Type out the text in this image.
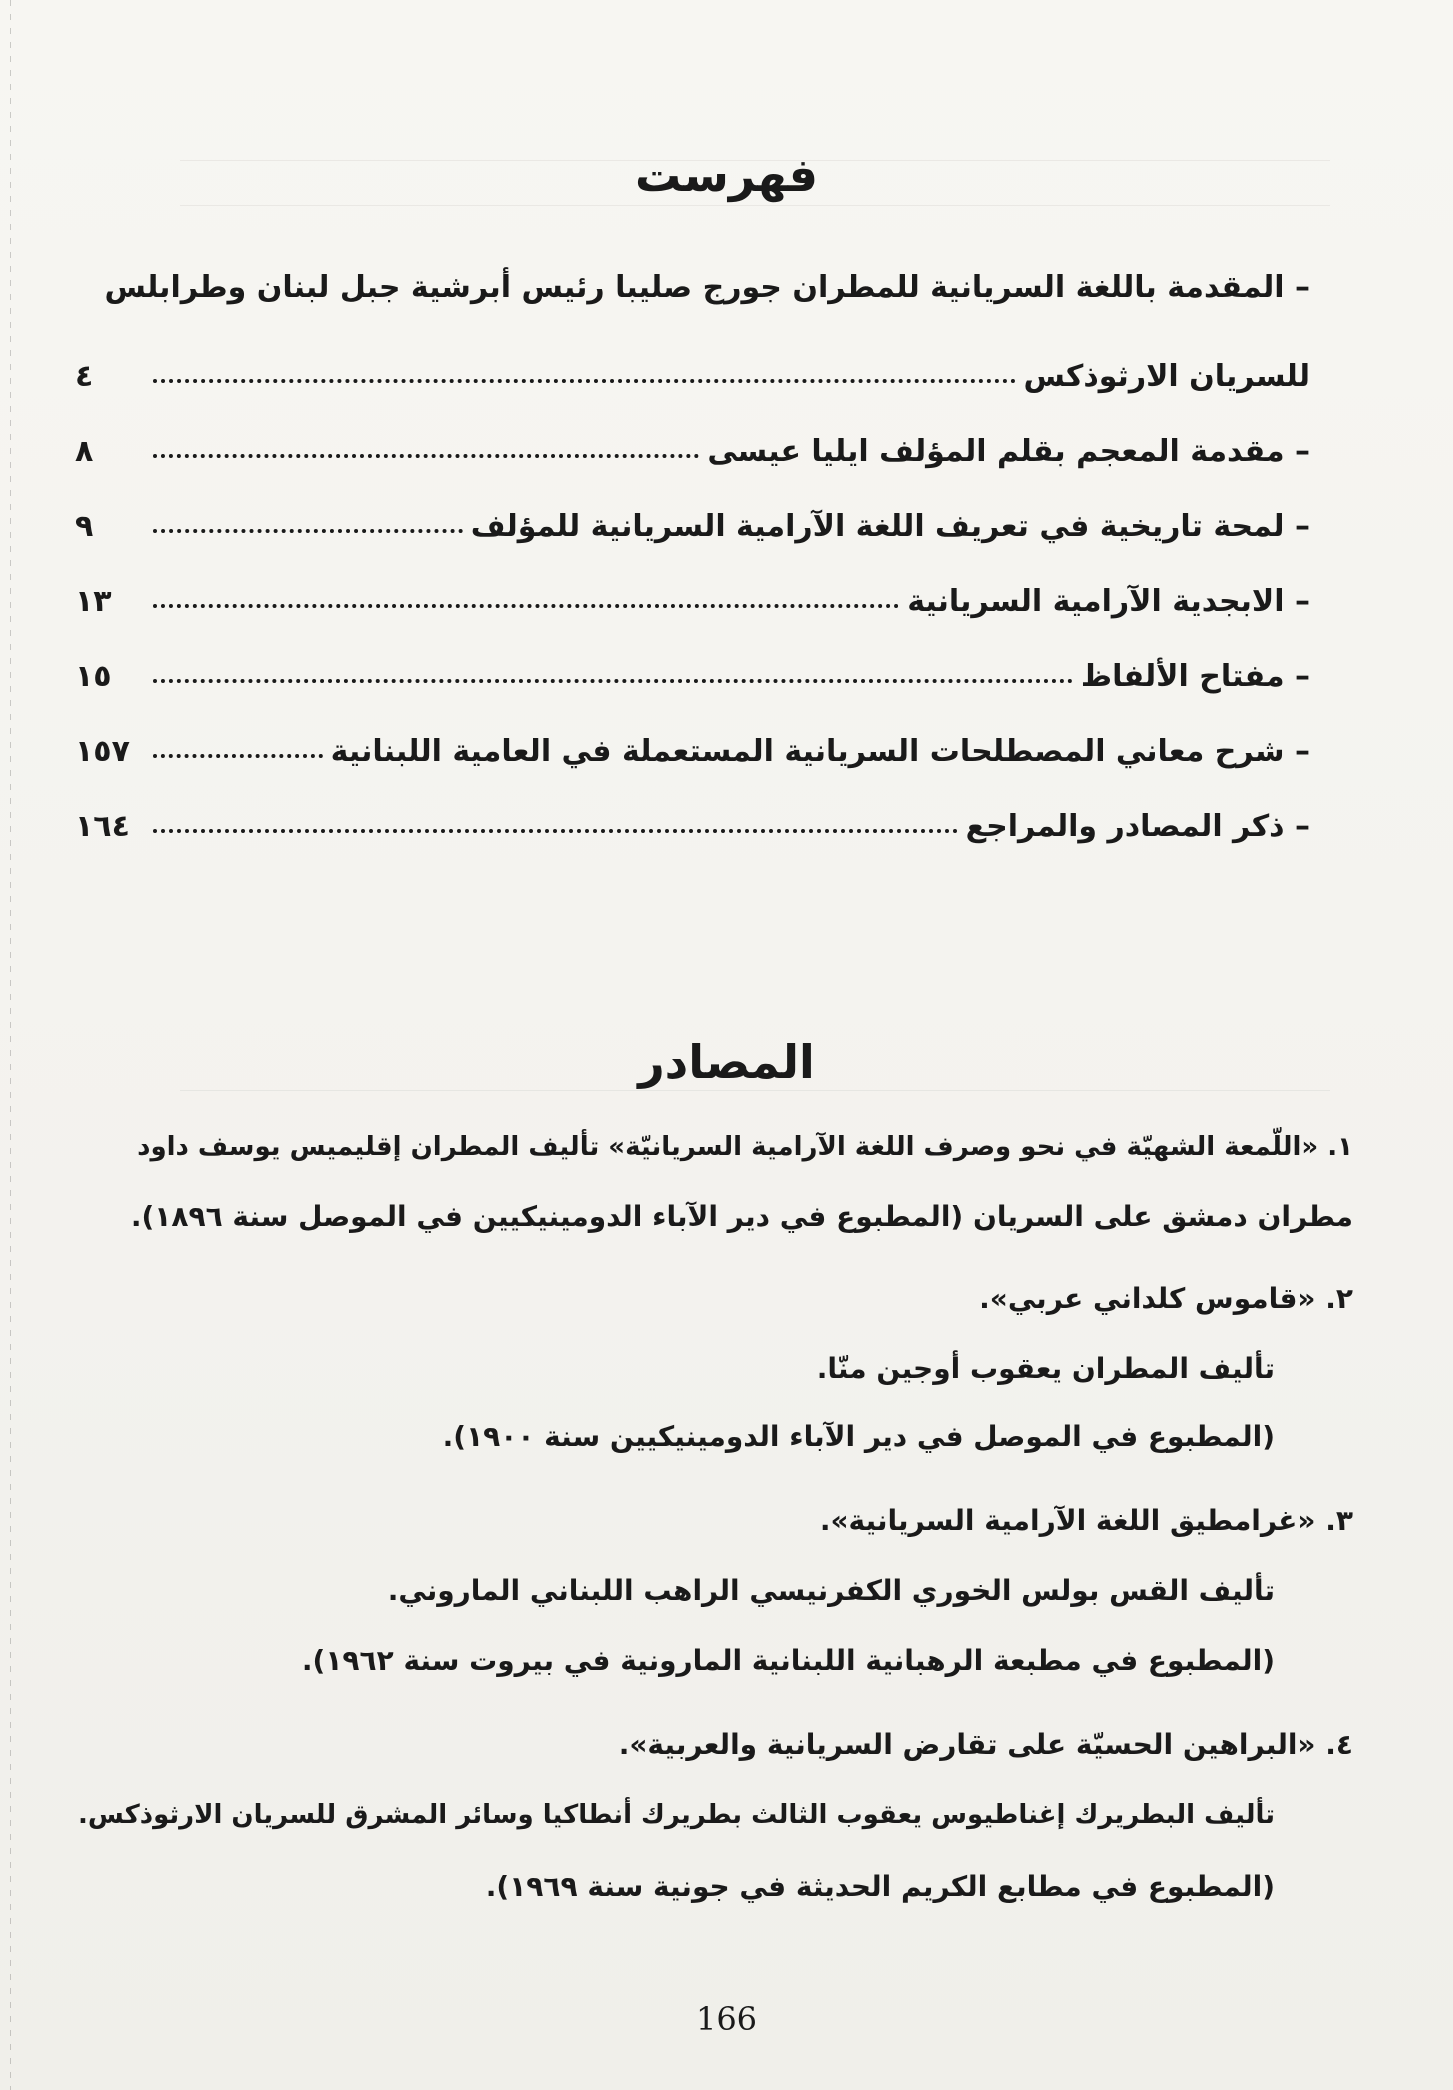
فهرست
– المقدمة باللغة السريانية للمطران جورج صليبا رئيس أبرشية جبل لبنان وطرابلس
للسريان الارثوذكس
٤
– مقدمة المعجم بقلم المؤلف ايليا عيسى
٨
– لمحة تاريخية في تعريف اللغة الآرامية السريانية للمؤلف
٩
– الابجدية الآرامية السريانية
١٣
– مفتاح الألفاظ
١٥
– شرح معاني المصطلحات السريانية المستعملة في العامية اللبنانية
١٥٧
– ذكر المصادر والمراجع
١٦٤
المصادر
١. «اللّمعة الشهيّة في نحو وصرف اللغة الآرامية السريانيّة» تأليف المطران إقليميس يوسف داود
مطران دمشق على السريان (المطبوع في دير الآباء الدومينيكيين في الموصل سنة ١٨٩٦).
٢. «قاموس كلداني عربي».
تأليف المطران يعقوب أوجين منّا.
(المطبوع في الموصل في دير الآباء الدومينيكيين سنة ١٩٠٠).
٣. «غرامطيق اللغة الآرامية السريانية».
تأليف القس بولس الخوري الكفرنيسي الراهب اللبناني الماروني.
(المطبوع في مطبعة الرهبانية اللبنانية المارونية في بيروت سنة ١٩٦٢).
٤. «البراهين الحسيّة على تقارض السريانية والعربية».
تأليف البطريرك إغناطيوس يعقوب الثالث بطريرك أنطاكيا وسائر المشرق للسريان الارثوذكس.
(المطبوع في مطابع الكريم الحديثة في جونية سنة ١٩٦٩).
166
